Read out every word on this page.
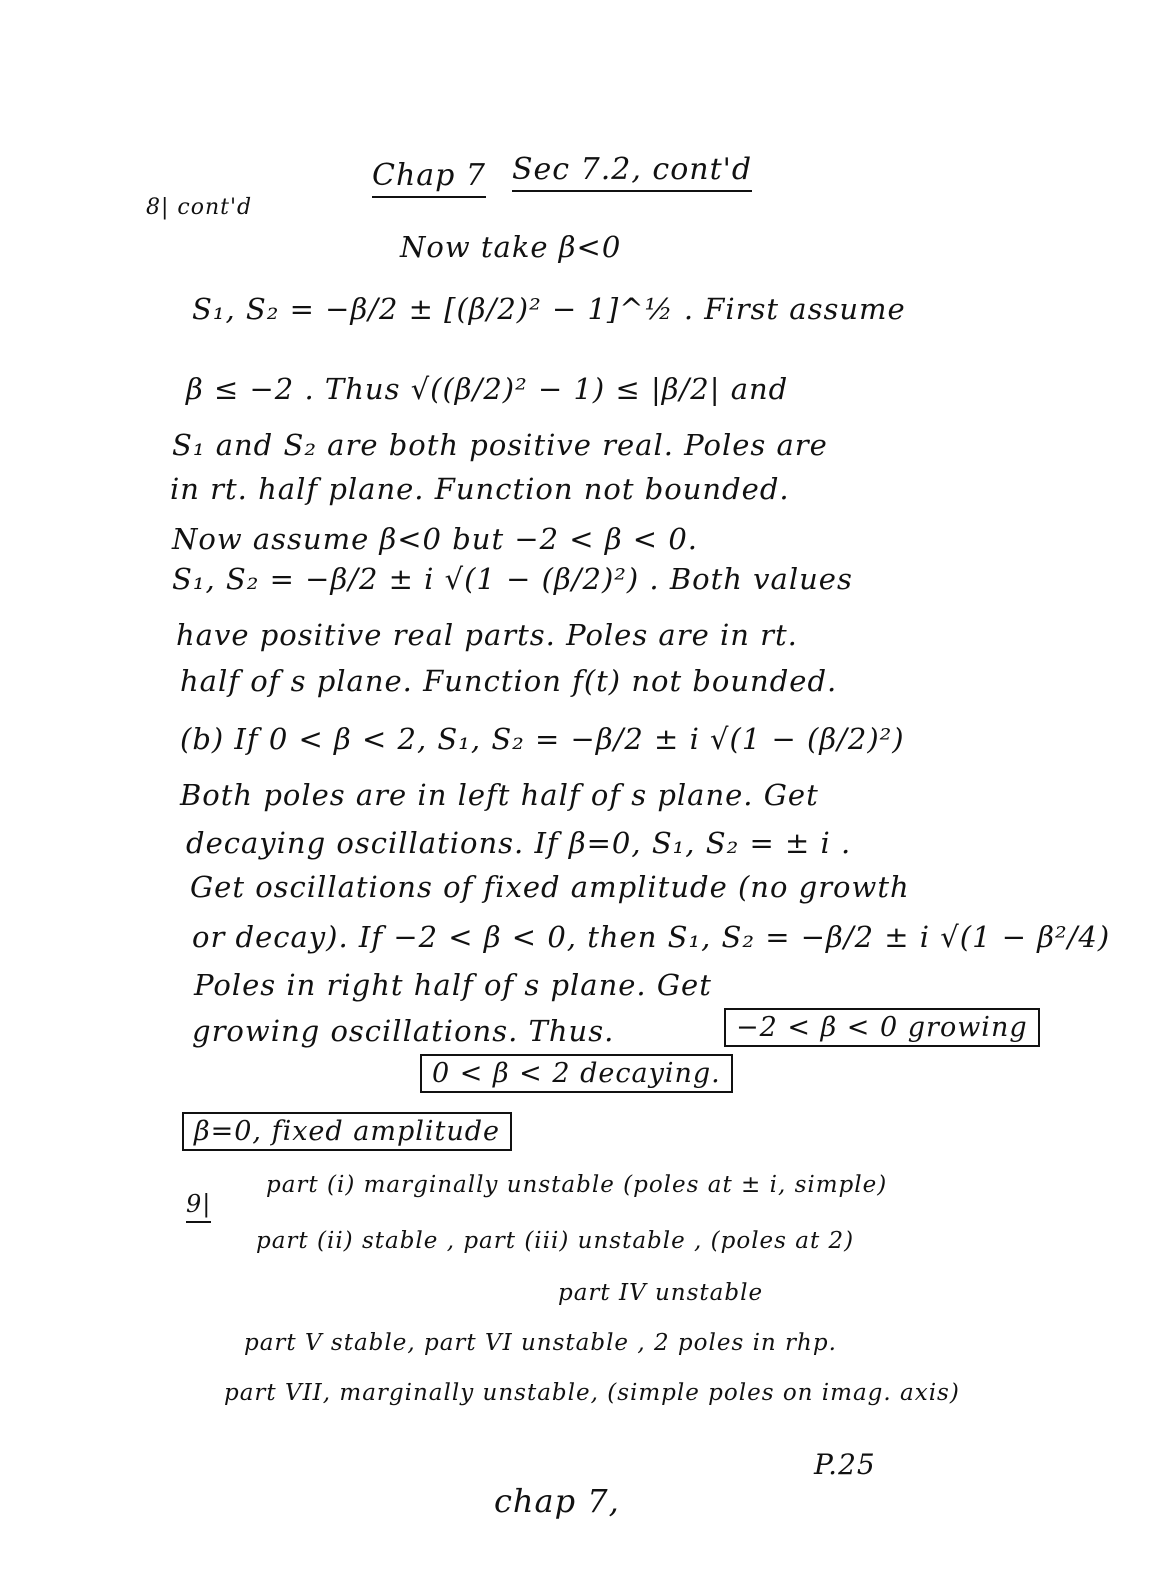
Chap 7 Sec 7.2, cont'd
8| cont'd
Now take β<0
S₁, S₂ = −β/2 ± [(β/2)² − 1]^½ . First assume
β ≤ −2 . Thus √((β/2)² − 1) ≤ |β/2| and
S₁ and S₂ are both positive real. Poles are
in rt. half plane. Function not bounded.
Now assume β<0 but −2 < β < 0.
S₁, S₂ = −β/2 ± i √(1 − (β/2)²) . Both values
have positive real parts. Poles are in rt.
half of s plane. Function f(t) not bounded.
(b) If 0 < β < 2, S₁, S₂ = −β/2 ± i √(1 − (β/2)²)
Both poles are in left half of s plane. Get
decaying oscillations. If β=0, S₁, S₂ = ± i .
Get oscillations of fixed amplitude (no growth
or decay). If −2 < β < 0, then S₁, S₂ = −β/2 ± i √(1 − β²/4)
Poles in right half of s plane. Get
growing oscillations. Thus.	−2 < β < 0 growing
0 < β < 2 decaying.
β=0, fixed amplitude
9|
part (i) marginally unstable (poles at ± i, simple)
part (ii) stable , part (iii) unstable , (poles at 2)
part IV unstable
part V stable, part VI unstable , 2 poles in rhp.
part VII, marginally unstable, (simple poles on imag. axis)
P.25
chap 7,
